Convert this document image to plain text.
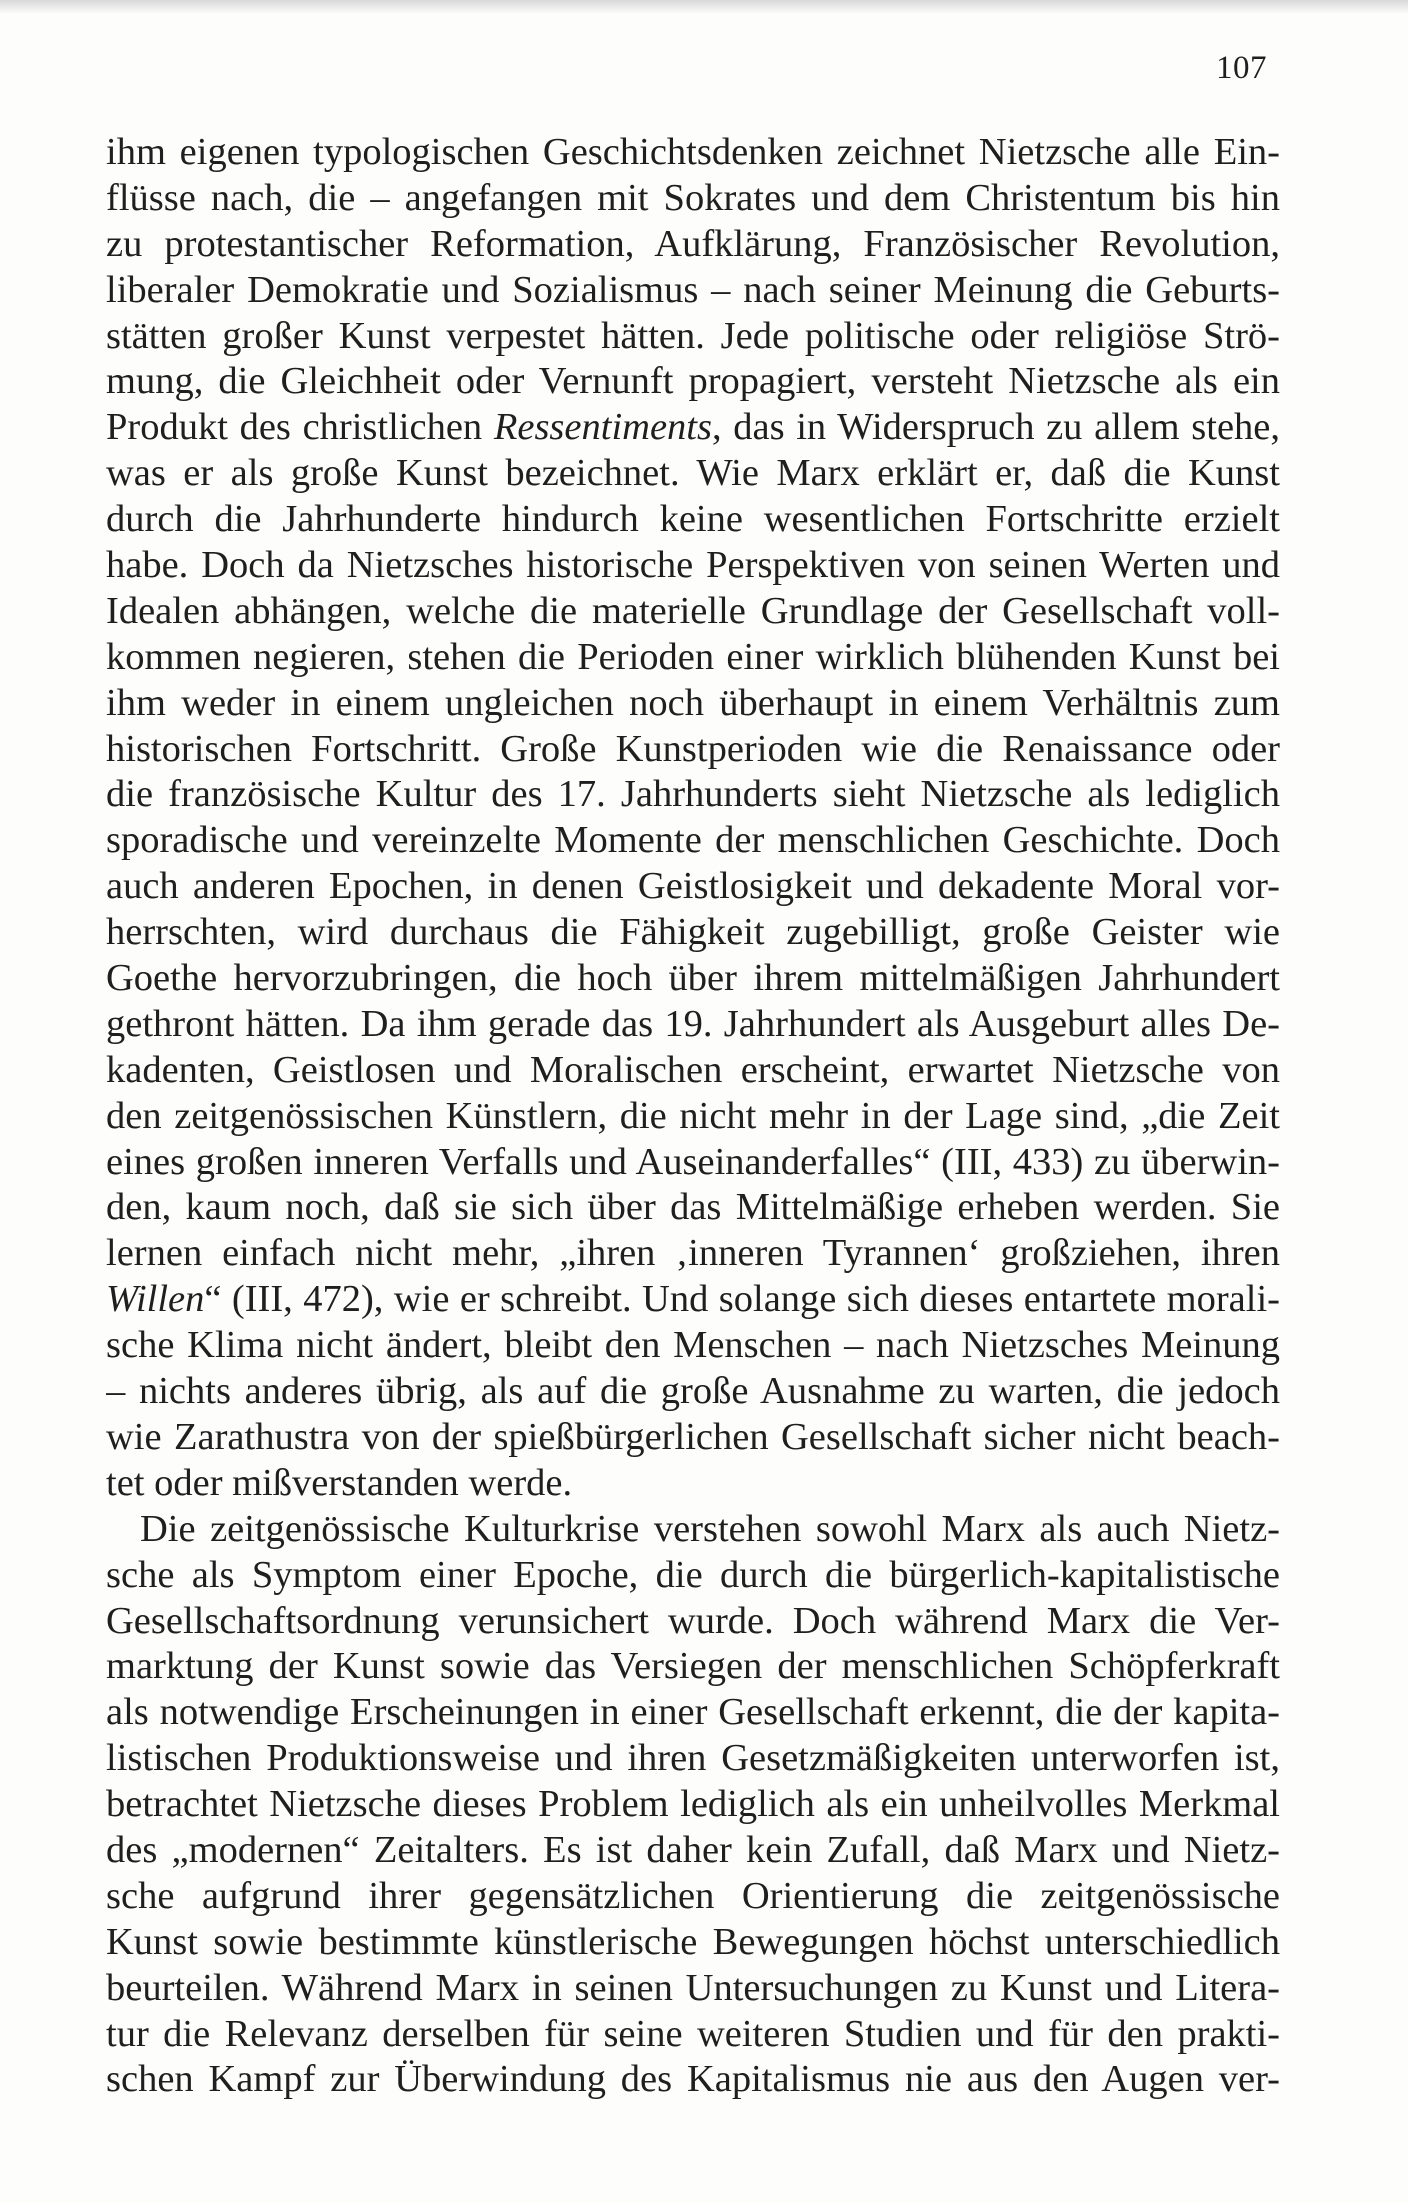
107
ihm eigenen typologischen Geschichtsdenken zeichnet Nietzsche alle Ein-
flüsse nach, die – angefangen mit Sokrates und dem Christentum bis hin
zu protestantischer Reformation, Aufklärung, Französischer Revolution,
liberaler Demokratie und Sozialismus – nach seiner Meinung die Geburts-
stätten großer Kunst verpestet hätten. Jede politische oder religiöse Strö-
mung, die Gleichheit oder Vernunft propagiert, versteht Nietzsche als ein
Produkt des christlichen Ressentiments, das in Widerspruch zu allem stehe,
was er als große Kunst bezeichnet. Wie Marx erklärt er, daß die Kunst
durch die Jahrhunderte hindurch keine wesentlichen Fortschritte erzielt
habe. Doch da Nietzsches historische Perspektiven von seinen Werten und
Idealen abhängen, welche die materielle Grundlage der Gesellschaft voll-
kommen negieren, stehen die Perioden einer wirklich blühenden Kunst bei
ihm weder in einem ungleichen noch überhaupt in einem Verhältnis zum
historischen Fortschritt. Große Kunstperioden wie die Renaissance oder
die französische Kultur des 17. Jahrhunderts sieht Nietzsche als lediglich
sporadische und vereinzelte Momente der menschlichen Geschichte. Doch
auch anderen Epochen, in denen Geistlosigkeit und dekadente Moral vor-
herrschten, wird durchaus die Fähigkeit zugebilligt, große Geister wie
Goethe hervorzubringen, die hoch über ihrem mittelmäßigen Jahrhundert
gethront hätten. Da ihm gerade das 19. Jahrhundert als Ausgeburt alles De-
kadenten, Geistlosen und Moralischen erscheint, erwartet Nietzsche von
den zeitgenössischen Künstlern, die nicht mehr in der Lage sind, „die Zeit
eines großen inneren Verfalls und Auseinanderfalles“ (III, 433) zu überwin-
den, kaum noch, daß sie sich über das Mittelmäßige erheben werden. Sie
lernen einfach nicht mehr, „ihren ‚inneren Tyrannen‘ großziehen, ihren
Willen“ (III, 472), wie er schreibt. Und solange sich dieses entartete morali-
sche Klima nicht ändert, bleibt den Menschen – nach Nietzsches Meinung
– nichts anderes übrig, als auf die große Ausnahme zu warten, die jedoch
wie Zarathustra von der spießbürgerlichen Gesellschaft sicher nicht beach-
tet oder mißverstanden werde.
Die zeitgenössische Kulturkrise verstehen sowohl Marx als auch Nietz-
sche als Symptom einer Epoche, die durch die bürgerlich-kapitalistische
Gesellschaftsordnung verunsichert wurde. Doch während Marx die Ver-
marktung der Kunst sowie das Versiegen der menschlichen Schöpferkraft
als notwendige Erscheinungen in einer Gesellschaft erkennt, die der kapita-
listischen Produktionsweise und ihren Gesetzmäßigkeiten unterworfen ist,
betrachtet Nietzsche dieses Problem lediglich als ein unheilvolles Merkmal
des „modernen“ Zeitalters. Es ist daher kein Zufall, daß Marx und Nietz-
sche aufgrund ihrer gegensätzlichen Orientierung die zeitgenössische
Kunst sowie bestimmte künstlerische Bewegungen höchst unterschiedlich
beurteilen. Während Marx in seinen Untersuchungen zu Kunst und Litera-
tur die Relevanz derselben für seine weiteren Studien und für den prakti-
schen Kampf zur Überwindung des Kapitalismus nie aus den Augen ver-
